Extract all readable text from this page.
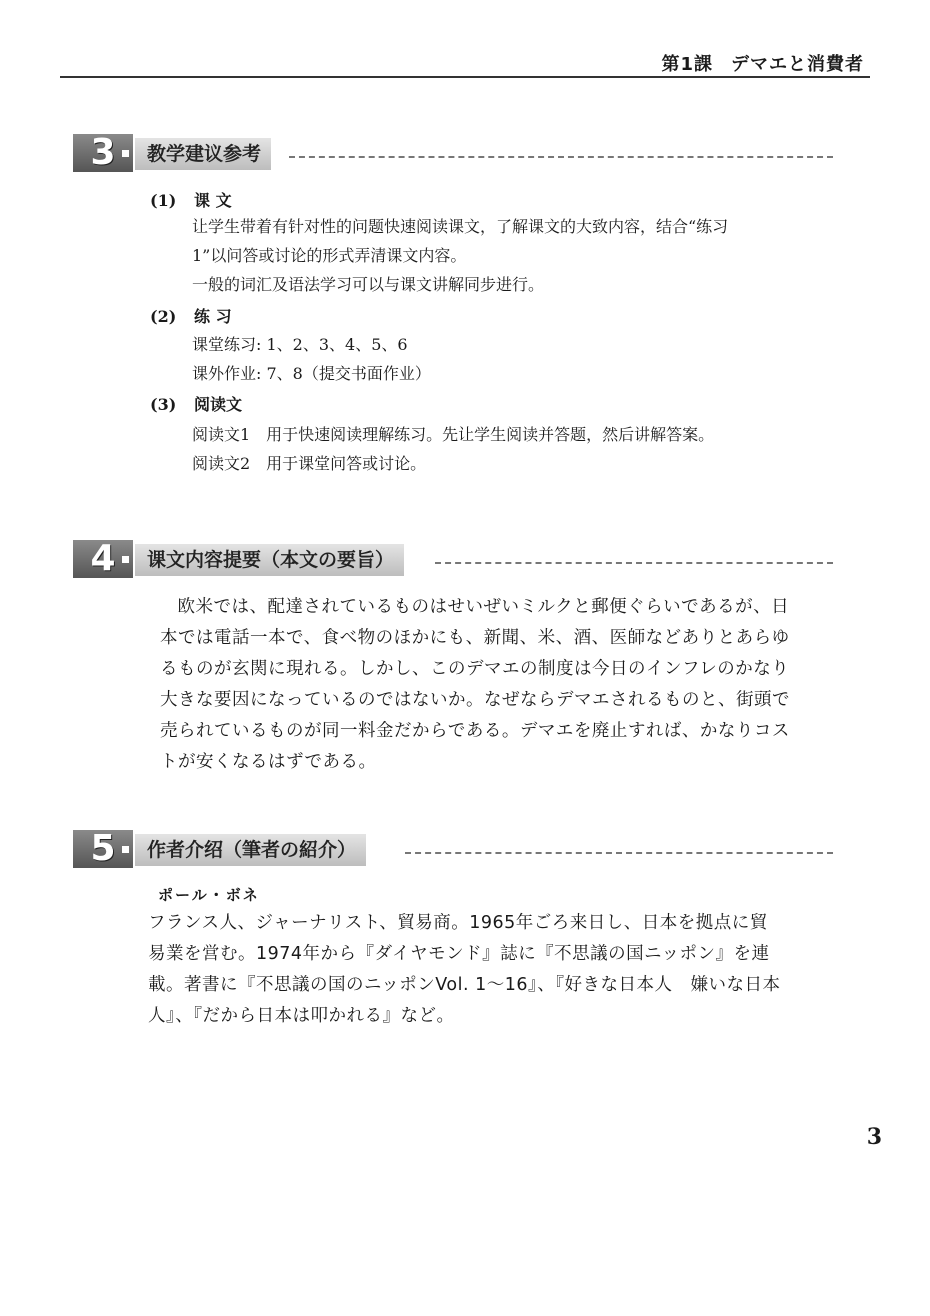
第1課 デマエと消費者
3	教学建议参考
(1) 课 文
让学生带着有针对性的问题快速阅读课文，了解课文的大致内容，结合“练习
1”以问答或讨论的形式弄清课文内容。
一般的词汇及语法学习可以与课文讲解同步进行。
(2) 练 习
课堂练习: 1、2、3、4、5、6
课外作业: 7、8（提交书面作业）
(3) 阅读文
阅读文1　用于快速阅读理解练习。先让学生阅读并答题，然后讲解答案。
阅读文2　用于课堂问答或讨论。
4	课文内容提要（本文の要旨）

欧米では、配達されているものはせいぜいミルクと郵便ぐらいであるが、日

本では電話一本で、食べ物のほかにも、新聞、米、酒、医師などありとあらゆ

るものが玄関に現れる。しかし、このデマエの制度は今日のインフレのかなり

大きな要因になっているのではないか。なぜならデマエされるものと、街頭で

売られているものが同一料金だからである。デマエを廃止すれば、かなりコス

トが安くなるはずである。

5	作者介绍（筆者の紹介）
ポール・ボネ

フランス人、ジャーナリスト、貿易商。1965年ごろ来日し、日本を拠点に貿

易業を営む。1974年から『ダイヤモンド』誌に『不思議の国ニッポン』を連

載。著書に『不思議の国のニッポンVol. 1～16』、『好きな日本人　嫌いな日本

人』、『だから日本は叩かれる』など。

3
